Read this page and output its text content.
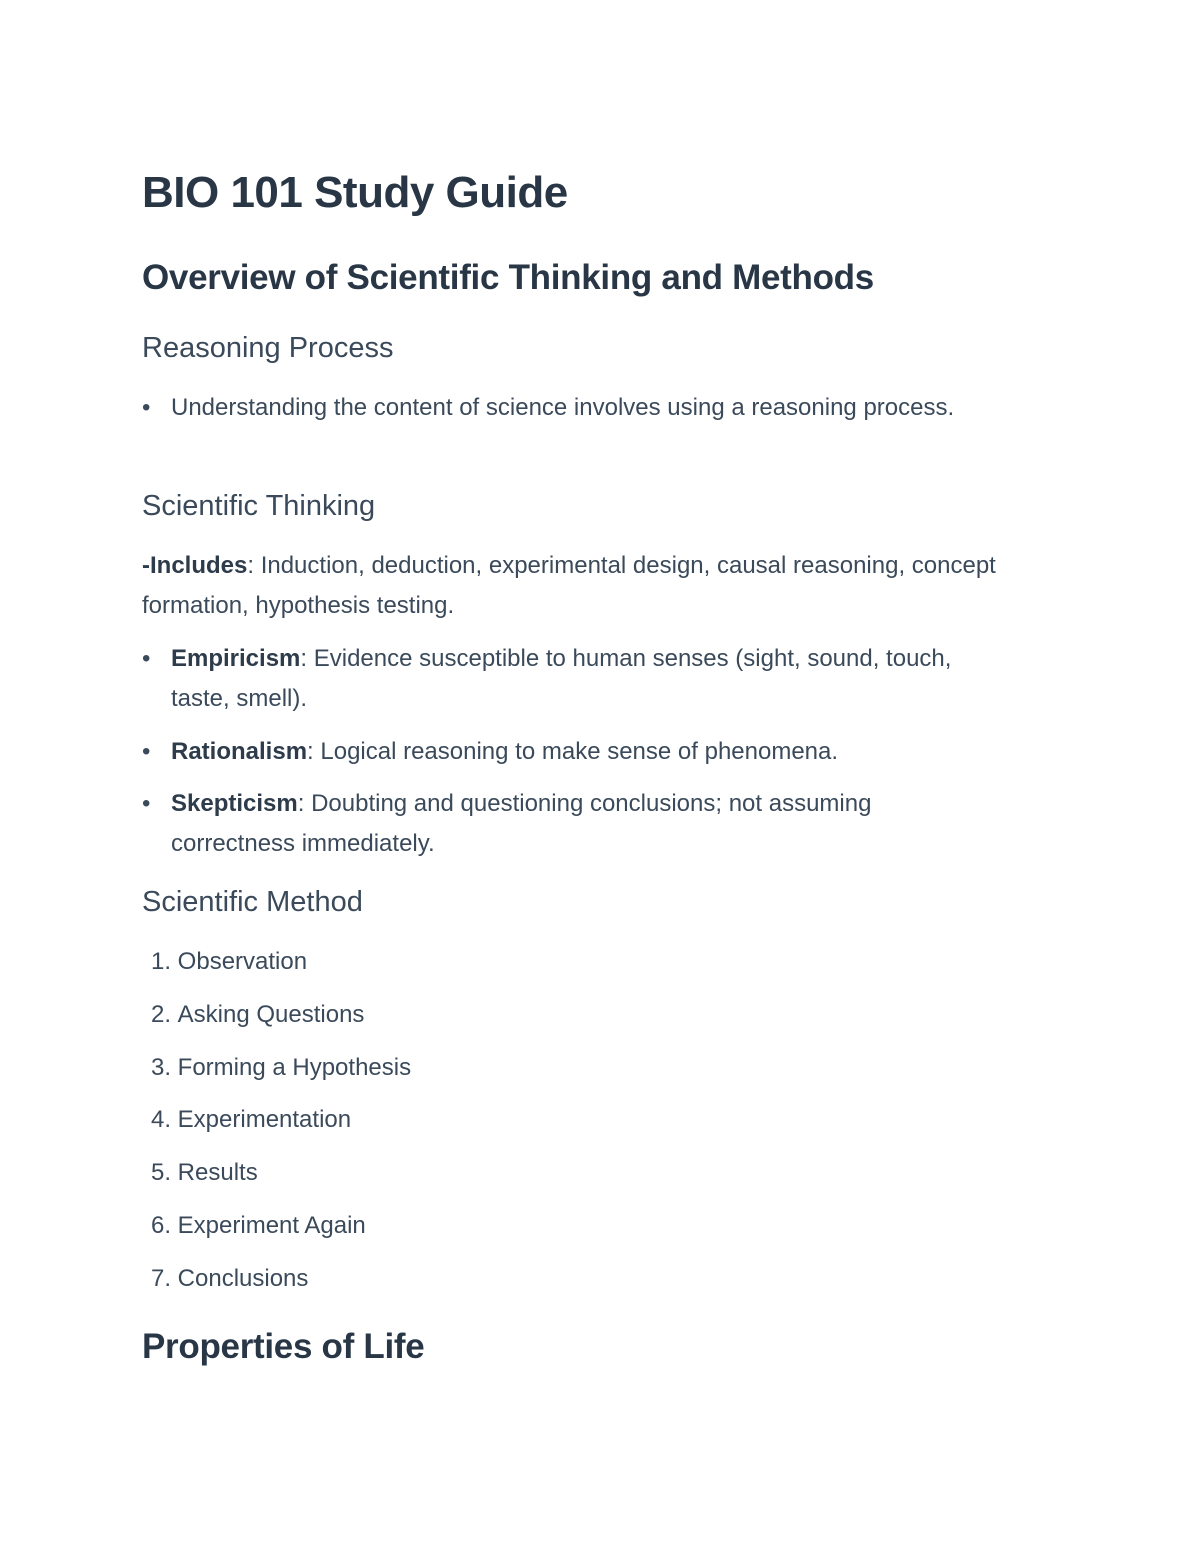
BIO 101 Study Guide
Overview of Scientific Thinking and Methods
Reasoning Process
• Understanding the content of science involves using a reasoning process.
Scientific Thinking
-Includes: Induction, deduction, experimental design, causal reasoning, concept formation, hypothesis testing.
• Empiricism: Evidence susceptible to human senses (sight, sound, touch, taste, smell).
• Rationalism: Logical reasoning to make sense of phenomena.
• Skepticism: Doubting and questioning conclusions; not assuming correctness immediately.
Scientific Method
1. Observation
2. Asking Questions
3. Forming a Hypothesis
4. Experimentation
5. Results
6. Experiment Again
7. Conclusions
Properties of Life
